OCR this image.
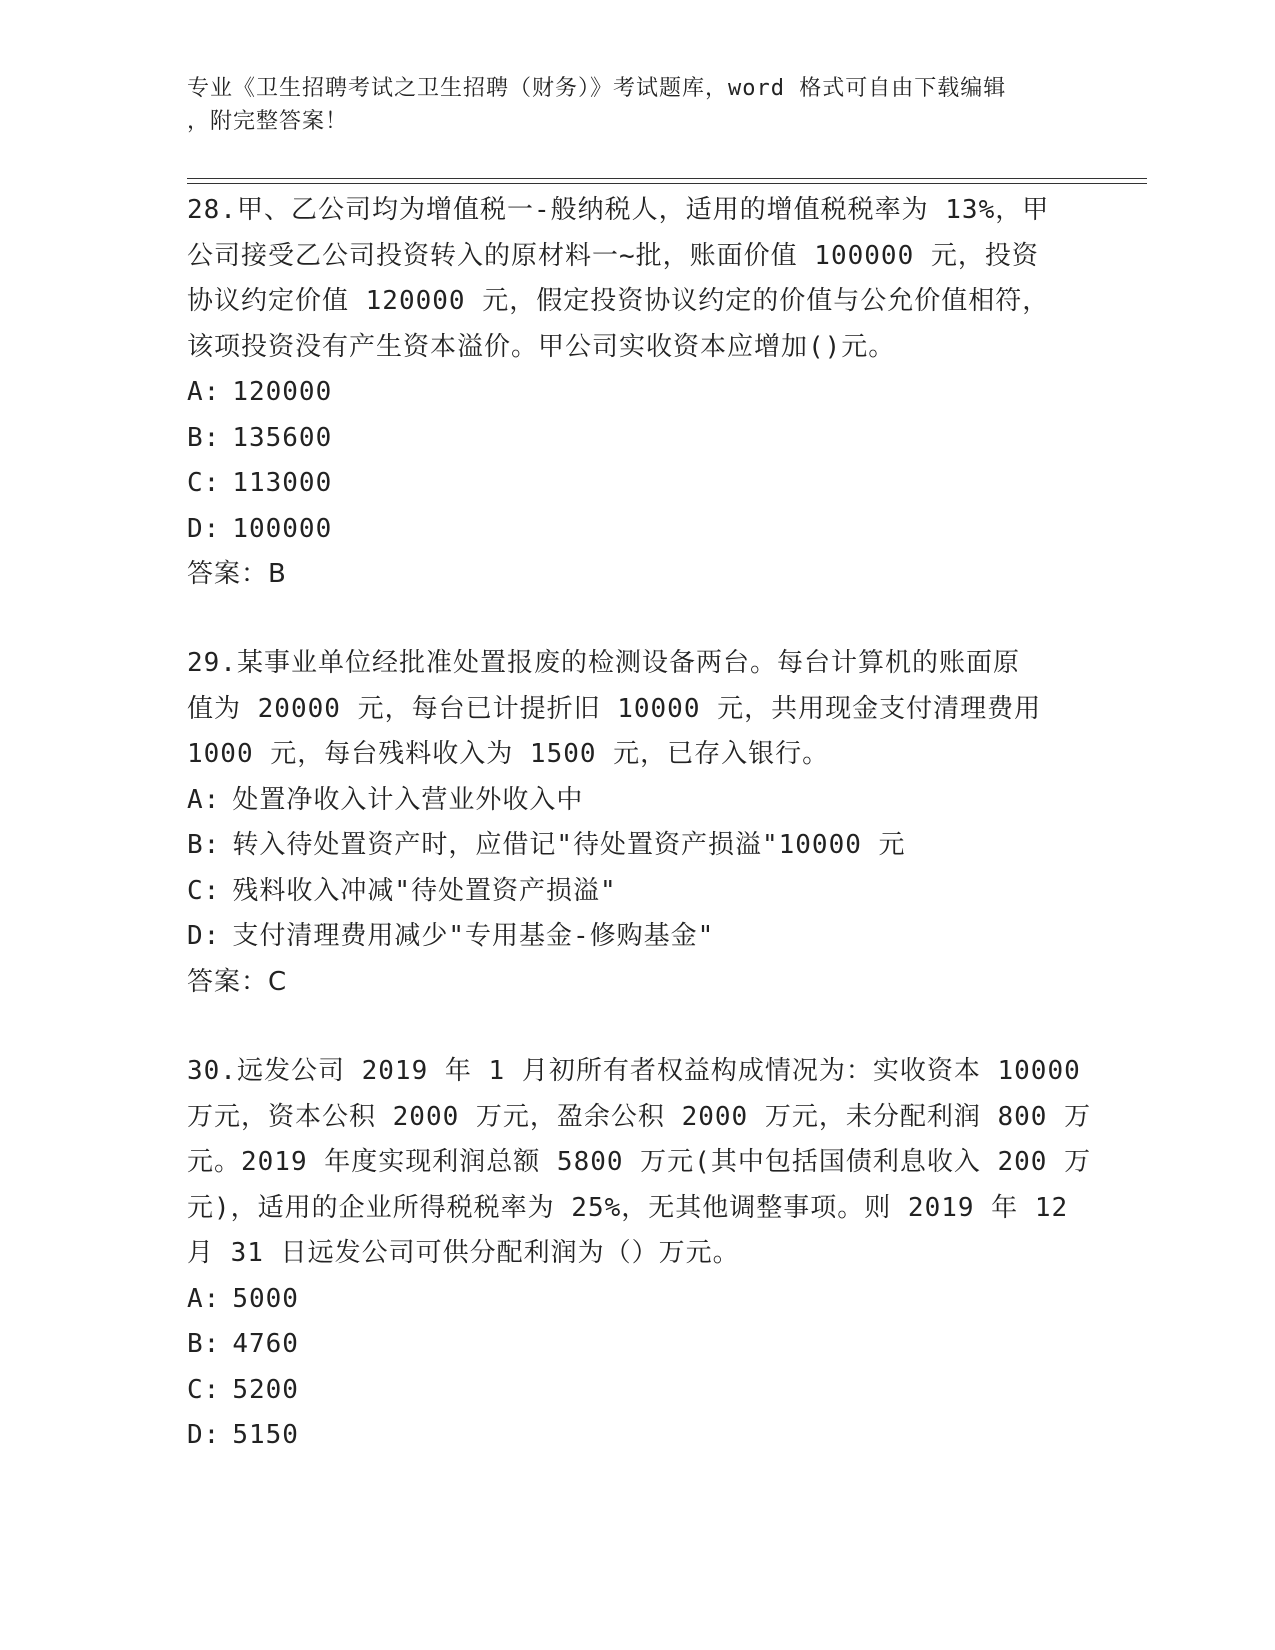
专业《卫生招聘考试之卫生招聘（财务）》考试题库，word 格式可自由下载编辑
，附完整答案！
28.甲、乙公司均为增值税一-般纳税人，适用的增值税税率为 13%，甲
公司接受乙公司投资转入的原材料一~批，账面价值 100000 元，投资
协议约定价值 120000 元，假定投资协议约定的价值与公允价值相符，
该项投资没有产生资本溢价。甲公司实收资本应增加()元。
A: 120000
B: 135600
C: 113000
D: 100000
答案：B
29.某事业单位经批准处置报废的检测设备两台。每台计算机的账面原
值为 20000 元，每台已计提折旧 10000 元，共用现金支付清理费用
1000 元，每台残料收入为 1500 元，已存入银行。
A: 处置净收入计入营业外收入中
B: 转入待处置资产时，应借记"待处置资产损溢"10000 元
C: 残料收入冲减"待处置资产损溢"
D: 支付清理费用减少"专用基金-修购基金"
答案：C
30.远发公司 2019 年 1 月初所有者权益构成情况为：实收资本 10000
万元，资本公积 2000 万元，盈余公积 2000 万元，未分配利润 800 万
元。2019 年度实现利润总额 5800 万元(其中包括国债利息收入 200 万
元)，适用的企业所得税税率为 25%，无其他调整事项。则 2019 年 12
月 31 日远发公司可供分配利润为（）万元。
A: 5000
B: 4760
C: 5200
D: 5150
